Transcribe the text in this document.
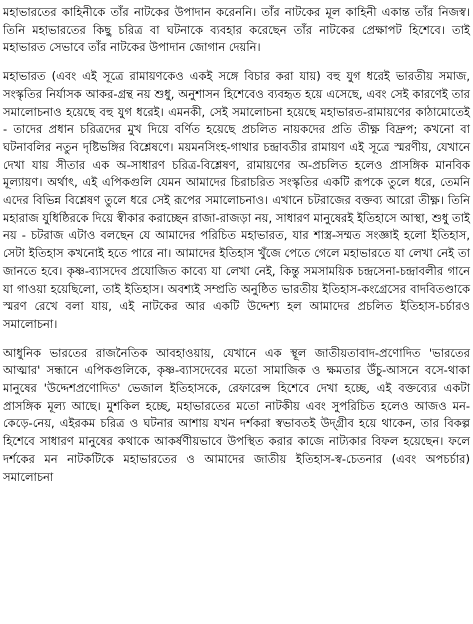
মহাভারতের কাহিনীকে তাঁর নাটকের উপাদান করেননি। তাঁর নাটকের মূল কাহিনী একান্ত তাঁর নিজস্ব। তিনি মহাভারতের কিছু চরিত্র বা ঘটনাকে ব্যবহার করেছেন তাঁর নাটকের প্রেক্ষাপট হিশেবে। তাই মহাভারত সেভাবে তাঁর নাটকের উপাদান জোগান দেয়নি।

মহাভারত (এবং এই সূত্রে রামায়ণকেও একই সঙ্গে বিচার করা যায়) বহু যুগ ধরেই ভারতীয় সমাজ, সংস্কৃতির নির্যাসক আকর-গ্রন্থ নয় শুধু, অনুশাসন হিশেবেও ব্যবহৃত হয়ে এসেছে, এবং সেই কারণেই তার সমালোচনাও হয়েছে বহু যুগ ধরেই। এমনকী, সেই সমালোচনা হয়েছে মহাভারত-রামায়ণের কাঠামোতেই - তাদের প্রধান চরিত্রদের মুখ দিয়ে বর্ণিত হয়েছে প্রচলিত নায়কদের প্রতি তীক্ষ্ণ বিদ্রুপ; কখনো বা ঘটনাবলির নতুন দৃষ্টিভঙ্গির বিশ্লেষণে। ময়মনসিংহ-গাথার চন্দ্রাবতীর রামায়ণ এই সূত্রে স্মরণীয়, যেখানে দেখা যায় সীতার এক অ-সাধারণ চরিত্র-বিশ্লেষণ, রামায়ণের অ-প্রচলিত হলেও প্রাসঙ্গিক মানবিক মূল্যায়ণ। অর্থাৎ, এই এপিকগুলি যেমন আমাদের চিরাচরিত সংস্কৃতির একটি রূপকে তুলে ধরে, তেমনি এদের বিভিন্ন বিশ্লেষণ তুলে ধরে সেই রূপের সমালোচনাও। এখানে চটরাজের বক্তব্য আরো তীক্ষ্ণ। তিনি মহারাজ যুধিষ্ঠিরকে দিয়ে স্বীকার করাচ্ছেন রাজা-রাজড়া নয়, সাধারণ মানুষেরই ইতিহাসে আস্থা, শুধু তাই নয় - চটরাজ এটাও বলছেন যে আমাদের পরিচিত মহাভারত, যার শাস্ত্র-সম্মত সংজ্ঞাই হলো ইতিহাস, সেটা ইতিহাস কখনোই হতে পারে না। আমাদের ইতিহাস খুঁজে পেতে গেলে মহাভারতে যা লেখা নেই তা জানতে হবে। কৃষ্ণ-ব্যাসদেব প্রযোজিত কাব্যে যা লেখা নেই, কিন্তু সমসাময়িক চন্দ্রসেনা-চন্দ্রাবলীর গানে যা গাওয়া হয়েছিলো, তাই ইতিহাস। অবশ্যই সম্প্রতি অনুষ্ঠিত ভারতীয় ইতিহাস-কংগ্রেসের বাদবিতণ্ডাকে স্মরণ রেখে বলা যায়, এই নাটকের আর একটি উদ্দেশ্য হল আমাদের প্রচলিত ইতিহাস-চর্চারও সমালোচনা।

আধুনিক ভারতের রাজনৈতিক আবহাওয়ায়, যেখানে এক স্থূল জাতীয়তাবাদ-প্রণোদিত 'ভারতের আত্মার' সন্ধানে এপিকগুলিকে, কৃষ্ণ-ব্যাসদেবের মতো সামাজিক ও ক্ষমতার উঁচু-আসনে বসে-থাকা মানুষের 'উদ্দেশপ্রণোদিত' ভেজাল ইতিহাসকে, রেফারেন্স হিশেবে দেখা হচ্ছে, এই বক্তব্যের একটা প্রাসঙ্গিক মূল্য আছে। মুশকিল হচ্ছে, মহাভারতের মতো নাটকীয় এবং সুপরিচিত হলেও আজও মন-কেড়ে-নেয়, এইরকম চরিত্র ও ঘটনার আশায় যখন দর্শকরা স্বভাবতই উদ্গ্রীব হয়ে থাকেন, তার বিকল্প হিশেবে সাধারণ মানুষের কথাকে আকর্ষণীয়ভাবে উপস্থিত করার কাজে নাট্যকার বিফল হয়েছেন। ফলে দর্শকের মন নাটকটিকে মহাভারতের ও আমাদের জাতীয় ইতিহাস-স্ব-চেতনার (এবং অপচর্চার) সমালোচনা
